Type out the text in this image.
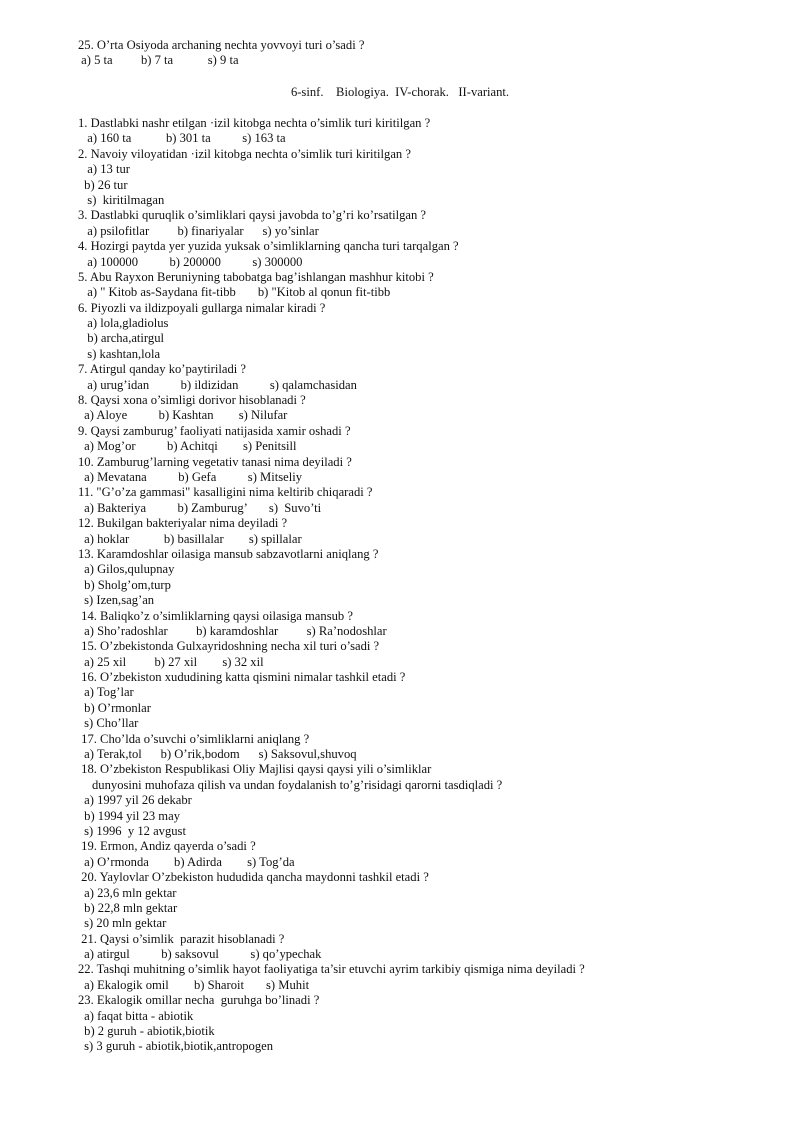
25. O’rta Osiyoda archaning nechta yovvoyi turi o’sadi ?
a) 5 ta         b) 7 ta           s) 9 ta
6-sinf.    Biologiya.  IV-chorak.   II-variant.
1. Dastlabki nashr etilgan ·izil kitobga nechta o’simlik turi kiritilgan ?
a) 160 ta           b) 301 ta          s) 163 ta
2. Navoiy viloyatidan ·izil kitobga nechta o’simlik turi kiritilgan ?
a) 13 tur
b) 26 tur
s)  kiritilmagan
3. Dastlabki quruqlik o’simliklari qaysi javobda to’g’ri ko’rsatilgan ?
a) psilofitlar         b) finariyalar      s) yo’sinlar
4. Hozirgi paytda yer yuzida yuksak o’simliklarning qancha turi tarqalgan ?
a) 100000          b) 200000          s) 300000
5. Abu Rayxon Beruniyning tabobatga bag’ishlangan mashhur kitobi ?
a) " Kitob as-Saydana fit-tibb       b) "Kitob al qonun fit-tibb
6. Piyozli va ildizpoyali gullarga nimalar kiradi ?
a) lola,gladiolus
b) archa,atirgul
s) kashtan,lola
7. Atirgul qanday ko’paytiriladi ?
a) urug’idan          b) ildizidan          s) qalamchasidan
8. Qaysi xona o’simligi dorivor hisoblanadi ?
a) Aloye          b) Kashtan        s) Nilufar
9. Qaysi zamburug’ faoliyati natijasida xamir oshadi ?
a) Mog’or          b) Achitqi        s) Penitsill
10. Zamburug’larning vegetativ tanasi nima deyiladi ?
a) Mevatana          b) Gefa          s) Mitseliy
11. "G’o’za gammasi" kasalligini nima keltirib chiqaradi ?
a) Bakteriya          b) Zamburug’       s)  Suvo’ti
12. Bukilgan bakteriyalar nima deyiladi ?
a) hoklar           b) basillalar        s) spillalar
13. Karamdoshlar oilasiga mansub sabzavotlarni aniqlang ?
a) Gilos,qulupnay
b) Sholg’om,turp
s) Izen,sag’an
14. Baliqko’z o’simliklarning qaysi oilasiga mansub ?
a) Sho’radoshlar         b) karamdoshlar         s) Ra’nodoshlar
15. O’zbekistonda Gulxayridoshning necha xil turi o’sadi ?
a) 25 xil         b) 27 xil        s) 32 xil
16. O’zbekiston xududining katta qismini nimalar tashkil etadi ?
a) Tog’lar
b) O’rmonlar
s) Cho’llar
17. Cho’lda o’suvchi o’simliklarni aniqlang ?
a) Terak,tol      b) O’rik,bodom      s) Saksovul,shuvoq
18. O’zbekiston Respublikasi Oliy Majlisi qaysi qaysi yili o’simliklar
dunyosini muhofaza qilish va undan foydalanish to’g’risidagi qarorni tasdiqladi ?
a) 1997 yil 26 dekabr
b) 1994 yil 23 may
s) 1996  y 12 avgust
19. Ermon, Andiz qayerda o’sadi ?
a) O’rmonda        b) Adirda        s) Tog’da
20. Yaylovlar O’zbekiston hududida qancha maydonni tashkil etadi ?
a) 23,6 mln gektar
b) 22,8 mln gektar
s) 20 mln gektar
21. Qaysi o’simlik  parazit hisoblanadi ?
a) atirgul          b) saksovul          s) qo’ypechak
22. Tashqi muhitning o’simlik hayot faoliyatiga ta’sir etuvchi ayrim tarkibiy qismiga nima deyiladi ?
a) Ekalogik omil        b) Sharoit       s) Muhit
23. Ekalogik omillar necha  guruhga bo’linadi ?
a) faqat bitta - abiotik
b) 2 guruh - abiotik,biotik
s) 3 guruh - abiotik,biotik,antropogen
